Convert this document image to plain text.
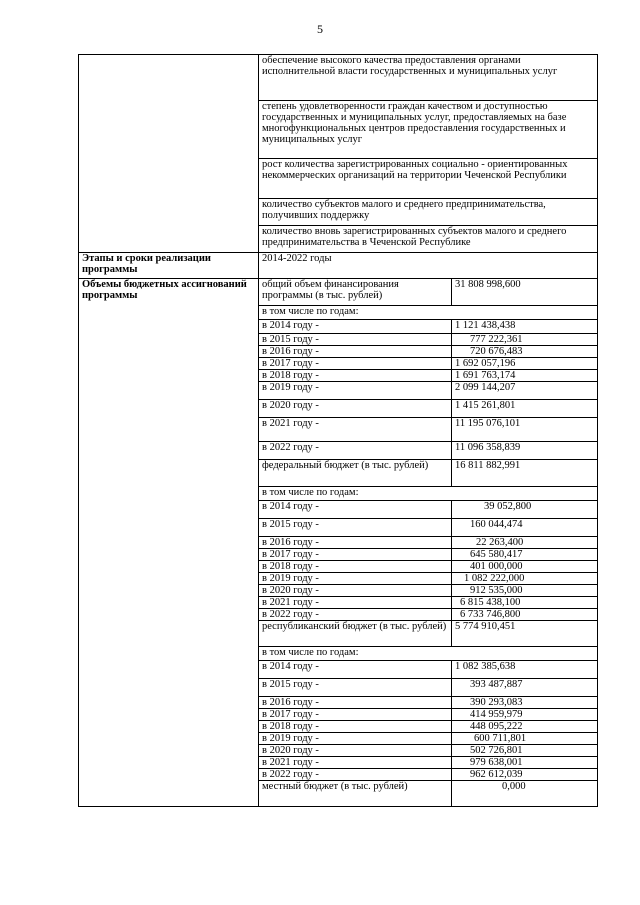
5
	обеспечение высокого качества предоставления органами исполнительной власти государственных и муниципальных услуг	
	степень удовлетворенности граждан качеством и доступностью государственных и муниципальных услуг, предоставляемых на базе многофункциональных центров предоставления государственных и муниципальных услуг	
	рост количества зарегистрированных социально - ориентированных некоммерческих организаций на территории Чеченской Республики	
	количество субъектов малого и среднего предпринимательства, получивших поддержку	
	количество вновь зарегистрированных субъектов малого и среднего предпринимательства в Чеченской Республике	
Этапы и сроки реализации программы	2014-2022 годы	
Объемы бюджетных ассигнований программы	общий объем финансирования программы (в тыс. рублей)	31 808 998,600
	в том числе по годам:	
	в 2014 году -	1 121 438,438
	в 2015 году -	777 222,361
	в 2016 году -	720 676,483
	в 2017 году -	1 692 057,196
	в 2018 году -	1 691 763,174
	в 2019 году -	2 099 144,207
	в 2020 году -	1 415 261,801
	в 2021 году -	11 195 076,101
	в 2022 году -	11 096 358,839
	федеральный бюджет (в тыс. рублей)	16 811 882,991
	в том числе по годам:	
	в 2014 году -	39 052,800
	в 2015 году -	160 044,474
	в 2016 году -	22 263,400
	в 2017 году -	645 580,417
	в 2018 году -	401 000,000
	в 2019 году -	1 082 222,000
	в 2020 году -	912 535,000
	в 2021 году -	6 815 438,100
	в 2022 году -	6 733 746,800
	республиканский бюджет (в тыс. рублей)	5 774 910,451
	в том числе по годам:	
	в 2014 году -	1 082 385,638
	в 2015 году -	393 487,887
	в 2016 году -	390 293,083
	в 2017 году -	414 959,979
	в 2018 году -	448 095,222
	в 2019 году -	600 711,801
	в 2020 году -	502 726,801
	в 2021 году -	979 638,001
	в 2022 году -	962 612,039
	местный бюджет (в тыс. рублей)	0,000
